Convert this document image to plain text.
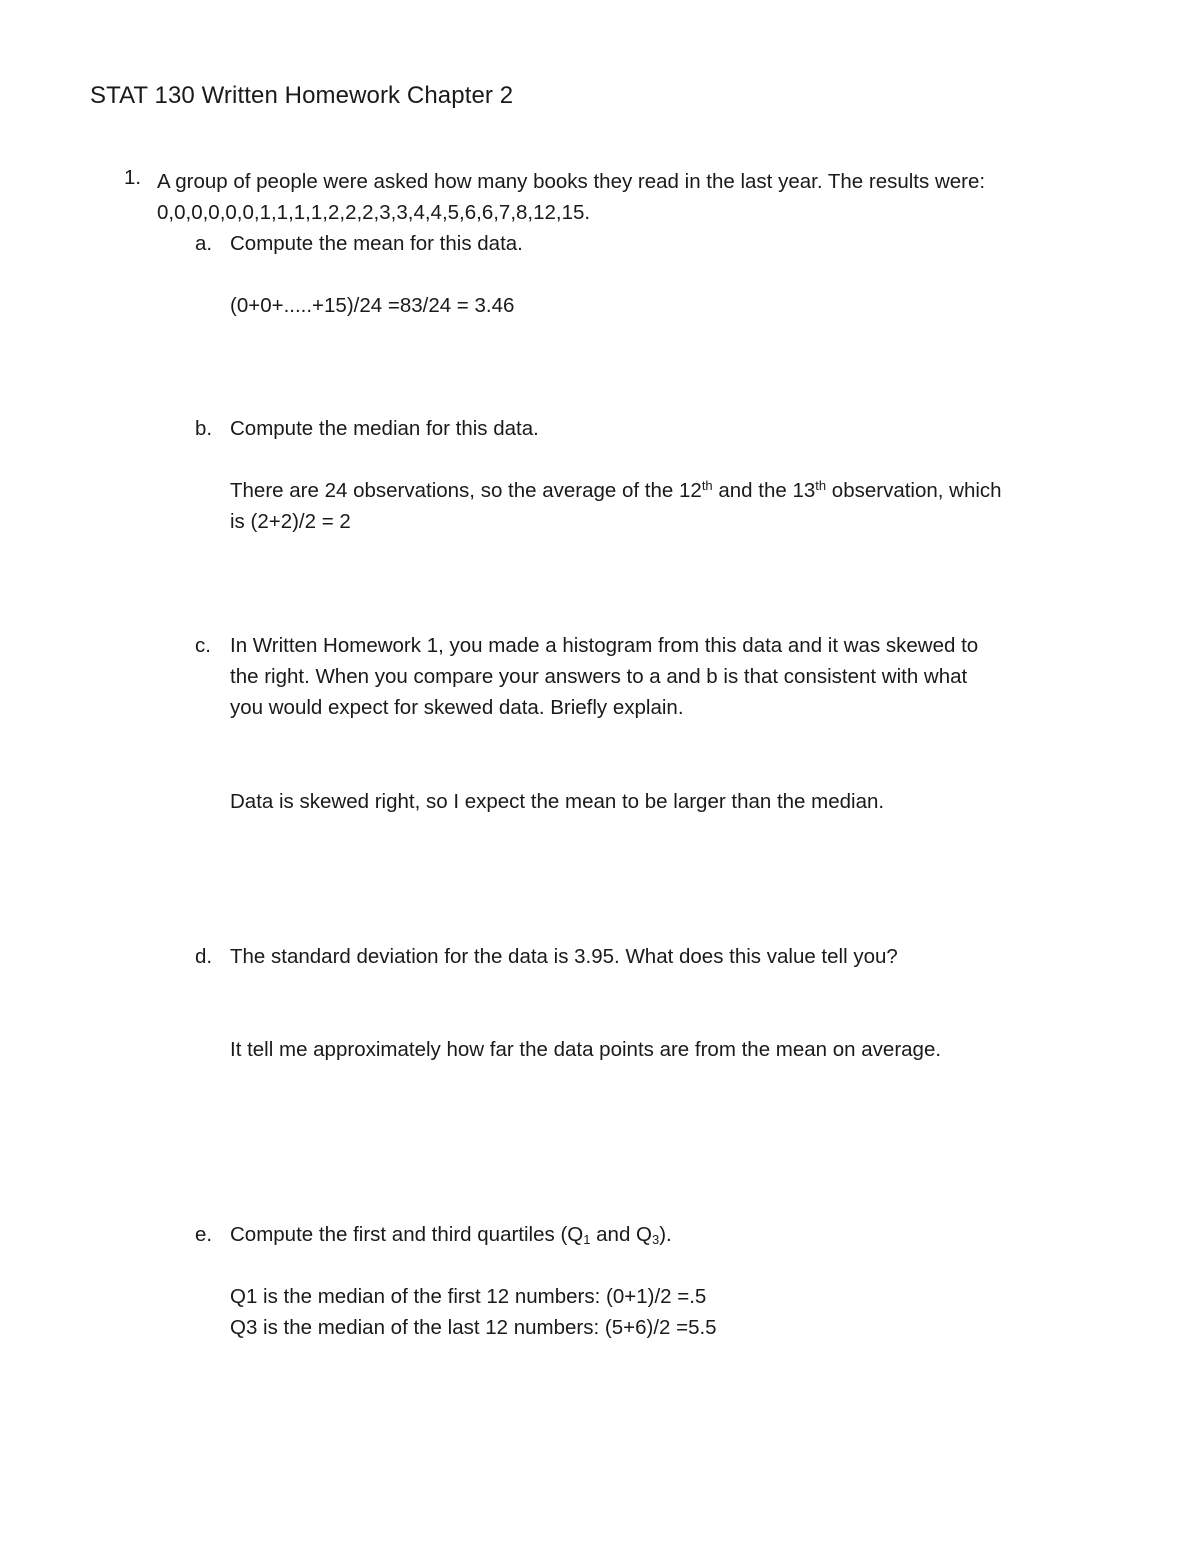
STAT 130 Written Homework Chapter 2
1. A group of people were asked how many books they read in the last year. The results were:
0,0,0,0,0,0,1,1,1,1,2,2,2,3,3,4,4,5,6,6,7,8,12,15.
a. Compute the mean for this data.
(0+0+.....+15)/24 =83/24 = 3.46
b. Compute the median for this data.
There are 24 observations, so the average of the 12th and the 13th observation, which
is (2+2)/2 = 2
c. In Written Homework 1, you made a histogram from this data and it was skewed to
the right. When you compare your answers to a and b is that consistent with what
you would expect for skewed data. Briefly explain.
Data is skewed right, so I expect the mean to be larger than the median.
d. The standard deviation for the data is 3.95. What does this value tell you?
It tell me approximately how far the data points are from the mean on average.
e. Compute the first and third quartiles ($Q_1$ and $Q_3$).
Q1 is the median of the first 12 numbers: (0+1)/2 =.5
Q3 is the median of the last 12 numbers: (5+6)/2 =5.5
